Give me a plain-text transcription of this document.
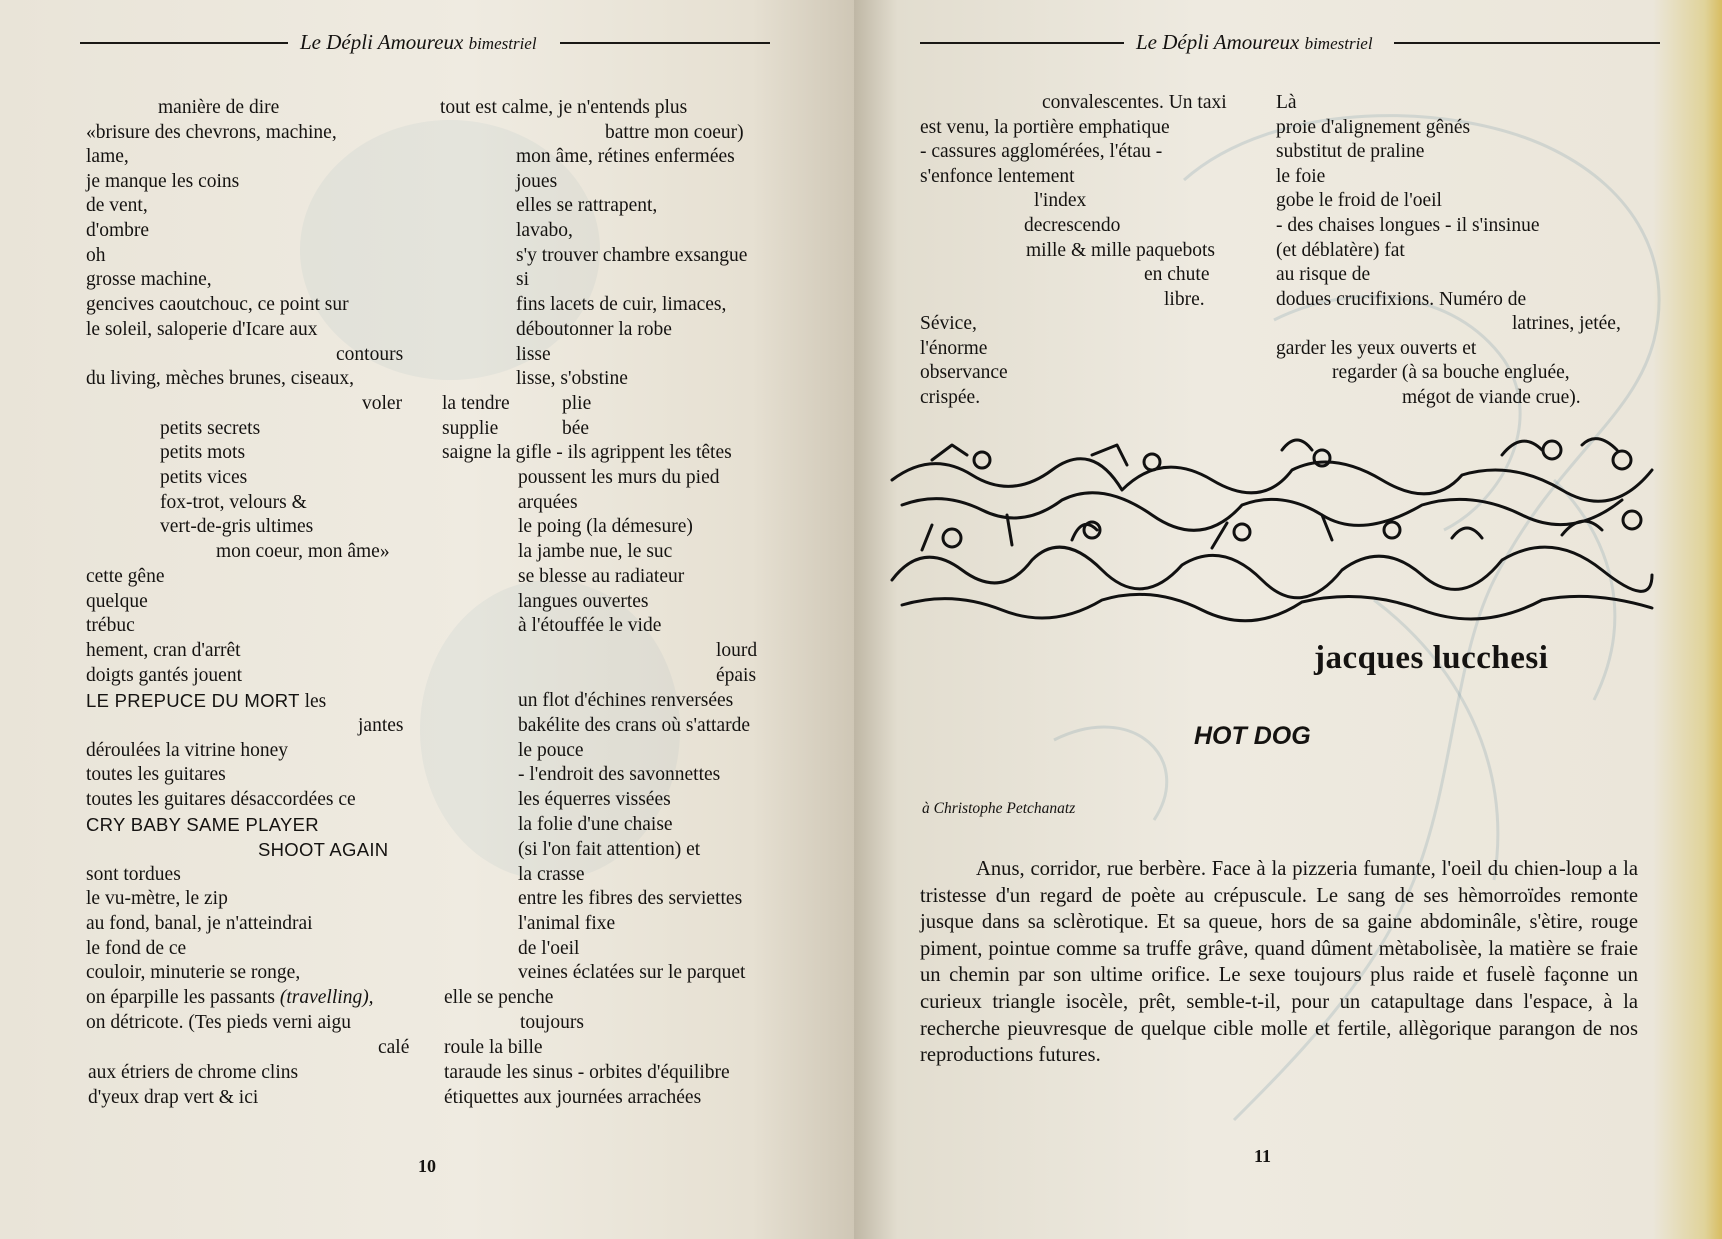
Le Dépli Amoureux bimestriel
manière de dire
«brisure des chevrons, machine,
lame,
je manque les coins
de vent,
d'ombre
oh
grosse machine,
gencives caoutchouc, ce point sur
le soleil, saloperie d'Icare aux
contours
du living, mèches brunes, ciseaux,
voler
petits secrets
petits mots
petits vices
fox-trot, velours &
vert-de-gris ultimes
mon coeur, mon âme»
cette gêne
quelque
trébuc
hement, cran d'arrêt
doigts gantés jouent
LE PREPUCE DU MORT les
jantes
déroulées la vitrine honey
toutes les guitares
toutes les guitares désaccordées ce
CRY BABY SAME PLAYER
SHOOT AGAIN
sont tordues
le vu-mètre, le zip
au fond, banal, je n'atteindrai
le fond de ce
couloir, minuterie se ronge,
on éparpille les passants (travelling),
on détricote. (Tes pieds verni aigu
calé
aux étriers de chrome clins
d'yeux drap vert & ici
tout est calme, je n'entends plus
battre mon coeur)
mon âme, rétines enfermées
joues
elles se rattrapent,
lavabo,
s'y trouver chambre exsangue
si
fins lacets de cuir, limaces,
déboutonner la robe
lisse
lisse, s'obstine
la tendre	plie
supplie	bée
saigne la gifle - ils agrippent les têtes
poussent les murs du pied
arquées
le poing (la démesure)
la jambe nue, le suc
se blesse au radiateur
langues ouvertes
à l'étouffée le vide
lourd
épais
un flot d'échines renversées
bakélite des crans où s'attarde
le pouce
- l'endroit des savonnettes
les équerres vissées
la folie d'une chaise
(si l'on fait attention) et
la crasse
entre les fibres des serviettes
l'animal fixe
de l'oeil
veines éclatées sur le parquet
elle se penche
toujours
roule la bille
taraude les sinus - orbites d'équilibre
étiquettes aux journées arrachées
10
Le Dépli Amoureux bimestriel
convalescentes. Un taxi
est venu, la portière emphatique
- cassures agglomérées, l'étau -
s'enfonce lentement
l'index
decrescendo
mille & mille paquebots
en chute
libre.
Sévice,
l'énorme
observance
crispée.
Là
proie d'alignement gênés
substitut de praline
le foie
gobe le froid de l'oeil
- des chaises longues - il s'insinue
(et déblatère) fat
au risque de
dodues crucifixions. Numéro de
latrines, jetée,
garder les yeux ouverts et
regarder (à sa bouche engluée,
mégot de viande crue).
jacques lucchesi
HOT DOG
à Christophe Petchanatz
Anus, corridor, rue berbère. Face à la pizzeria fumante, l'oeil du chien-loup a la tristesse d'un regard de poète au crépuscule. Le sang de ses hèmorroïdes remonte jusque dans sa sclèrotique. Et sa queue, hors de sa gaine abdominâle, s'ètire, rouge piment, pointue comme sa truffe grâve, quand dûment mètabolisèe, la matière se fraie un chemin par son ultime orifice. Le sexe toujours plus raide et fuselè façonne un curieux triangle isocèle, prêt, semble-t-il, pour un catapultage dans l'espace, à la recherche pieuvresque de quelque cible molle et fertile, allègorique parangon de nos reproductions futures.
11
